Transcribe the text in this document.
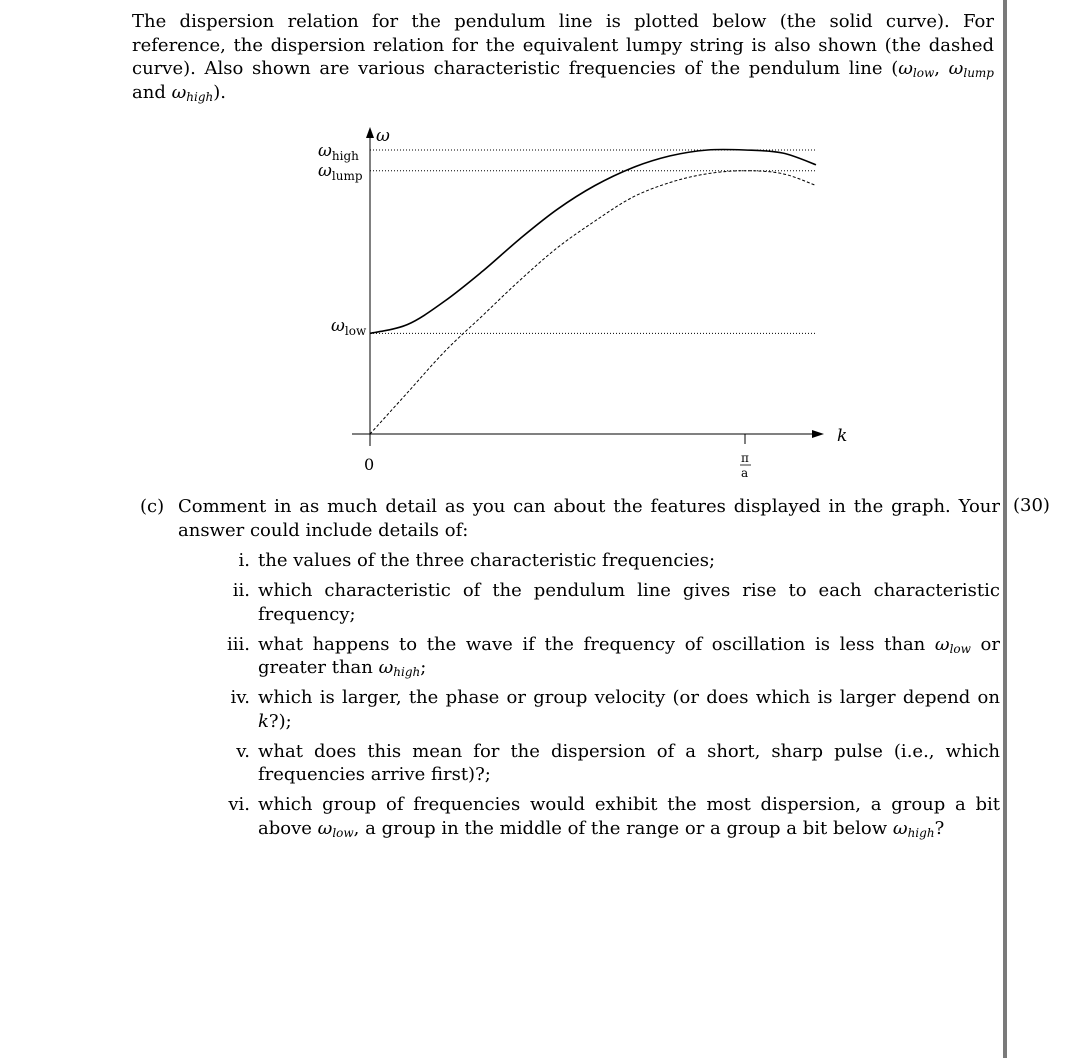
The dispersion relation for the pendulum line is plotted below (the solid curve). For reference, the dispersion relation for the equivalent lumpy string is also shown (the dashed curve). Also shown are various characteristic frequencies of the pendulum line ($\omega_{low}$, $\omega_{lump}$ and $\omega_{high}$).

ω
k
0	π
a
$\omega_{high}$
$\omega_{lump}$
$\omega_{low}$
(c) Comment in as much detail as you can about the features displayed in the graph. Your answer could include details of:
i. the values of the three characteristic frequencies;
ii. which characteristic of the pendulum line gives rise to each characteristic frequency;
iii. what happens to the wave if the frequency of oscillation is less than $\omega_{low}$ or greater than $\omega_{high}$;
iv. which is larger, the phase or group velocity (or does which is larger depend on k?);
v. what does this mean for the dispersion of a short, sharp pulse (i.e., which frequencies arrive first)?;
vi. which group of frequencies would exhibit the most dispersion, a group a bit above $\omega_{low}$, a group in the middle of the range or a group a bit below $\omega_{high}$?
(30)
